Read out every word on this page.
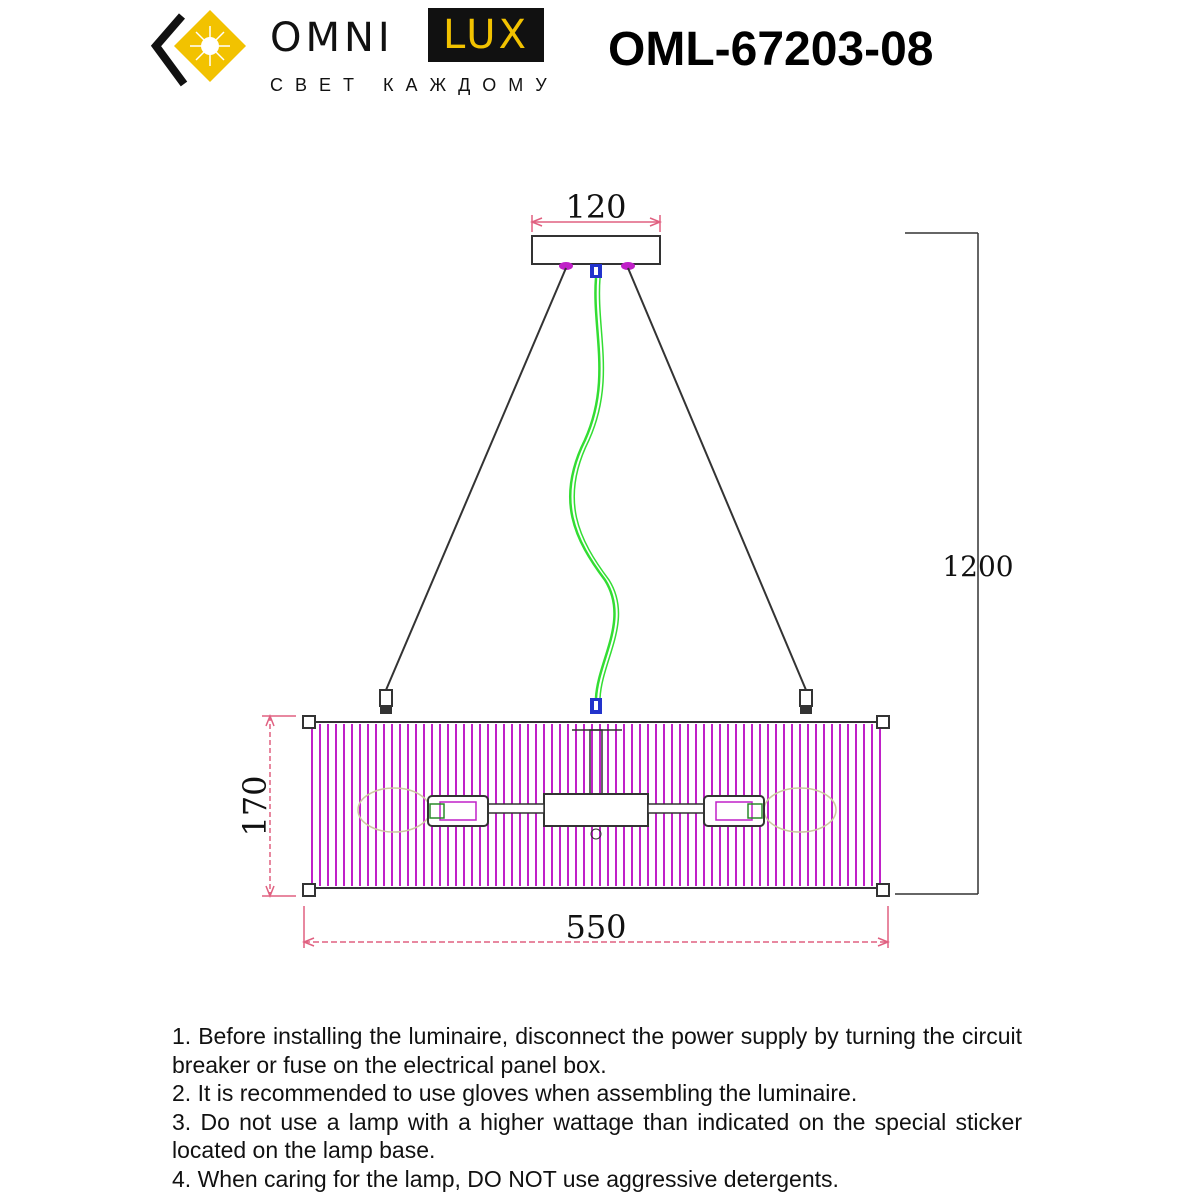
OMNI	LUX
СВЕТ КАЖДОМУ
OML-67203-08
120
1200
170
550

1. Before installing the luminaire, disconnect the power supply by turning the circuit breaker or fuse on the electrical panel box.

2. It is recommended to use gloves when assembling the luminaire.

3. Do not use a lamp with a higher wattage than indicated on the special sticker located on the lamp base.

4. When caring for the lamp, DO NOT use aggressive detergents.
